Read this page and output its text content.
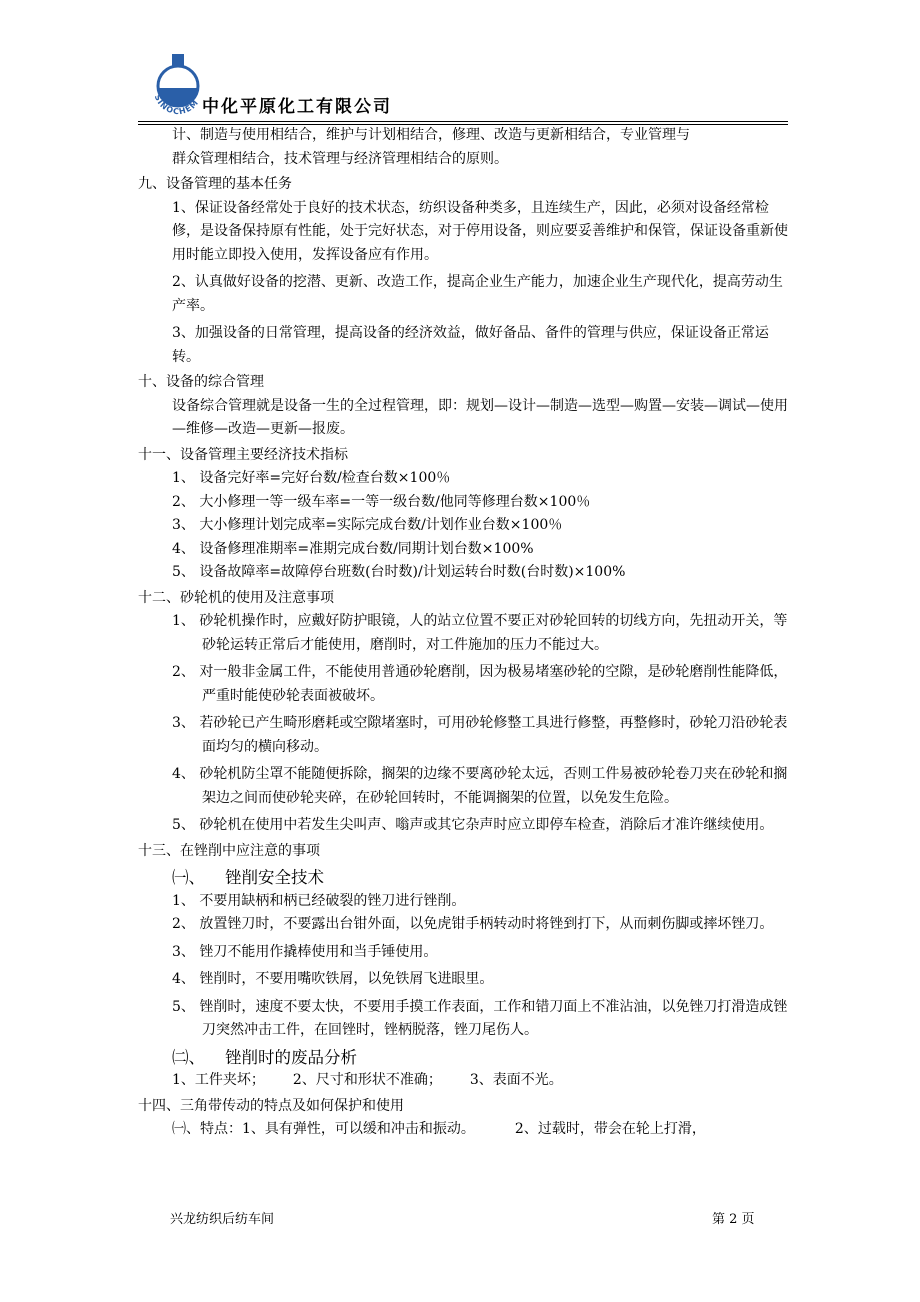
SINOCHEM 中化平原化工有限公司

计、制造与使用相结合，维护与计划相结合，修理、改造与更新相结合，专业管理与

群众管理相结合，技术管理与经济管理相结合的原则。

九、设备管理的基本任务

1、保证设备经常处于良好的技术状态，纺织设备种类多，且连续生产，因此，必须对设备经常检修，是设备保持原有性能，处于完好状态，对于停用设备，则应要妥善维护和保管，保证设备重新使用时能立即投入使用，发挥设备应有作用。

2、认真做好设备的挖潜、更新、改造工作，提高企业生产能力，加速企业生产现代化，提高劳动生产率。

3、加强设备的日常管理，提高设备的经济效益，做好备品、备件的管理与供应，保证设备正常运转。

十、设备的综合管理

设备综合管理就是设备一生的全过程管理，即：规划—设计—制造—选型—购置—安装—调试—使用—维修—改造—更新—报废。

十一、设备管理主要经济技术指标

1、 设备完好率=完好台数/检查台数×100％

2、 大小修理一等一级车率=一等一级台数/他同等修理台数×100％

3、 大小修理计划完成率=实际完成台数/计划作业台数×100％

4、 设备修理准期率=准期完成台数/同期计划台数×100%

5、 设备故障率=故障停台班数(台时数)/计划运转台时数(台时数)×100%

十二、砂轮机的使用及注意事项

1、 砂轮机操作时，应戴好防护眼镜，人的站立位置不要正对砂轮回转的切线方向，先扭动开关，等砂轮运转正常后才能使用，磨削时，对工件施加的压力不能过大。

2、 对一般非金属工件，不能使用普通砂轮磨削，因为极易堵塞砂轮的空隙，是砂轮磨削性能降低，严重时能使砂轮表面被破坏。

3、 若砂轮已产生畸形磨耗或空隙堵塞时，可用砂轮修整工具进行修整，再整修时，砂轮刀沿砂轮表面均匀的横向移动。

4、 砂轮机防尘罩不能随便拆除，搁架的边缘不要离砂轮太远，否则工件易被砂轮卷刀夹在砂轮和搁架边之间而使砂轮夹碎，在砂轮回转时，不能调搁架的位置，以免发生危险。

5、 砂轮机在使用中若发生尖叫声、嗡声或其它杂声时应立即停车检查，消除后才准许继续使用。

十三、在锉削中应注意的事项

㈠、 锉削安全技术

1、 不要用缺柄和柄已经破裂的锉刀进行锉削。

2、 放置锉刀时，不要露出台钳外面，以免虎钳手柄转动时将锉到打下，从而刺伤脚或摔坏锉刀。

3、 锉刀不能用作撬棒使用和当手锤使用。

4、 锉削时，不要用嘴吹铁屑，以免铁屑飞进眼里。

5、 锉削时，速度不要太快，不要用手摸工作表面，工作和错刀面上不准沾油，以免锉刀打滑造成锉刀突然冲击工件，在回锉时，锉柄脱落，锉刀尾伤人。

㈡、 锉削时的废品分析

1、工件夹坏； 2、尺寸和形状不准确； 3、表面不光。

十四、三角带传动的特点及如何保护和使用

㈠、特点：1、具有弹性，可以缓和冲击和振动。	2、过载时，带会在轮上打滑，

兴龙纺织后纺车间	第 2 页
